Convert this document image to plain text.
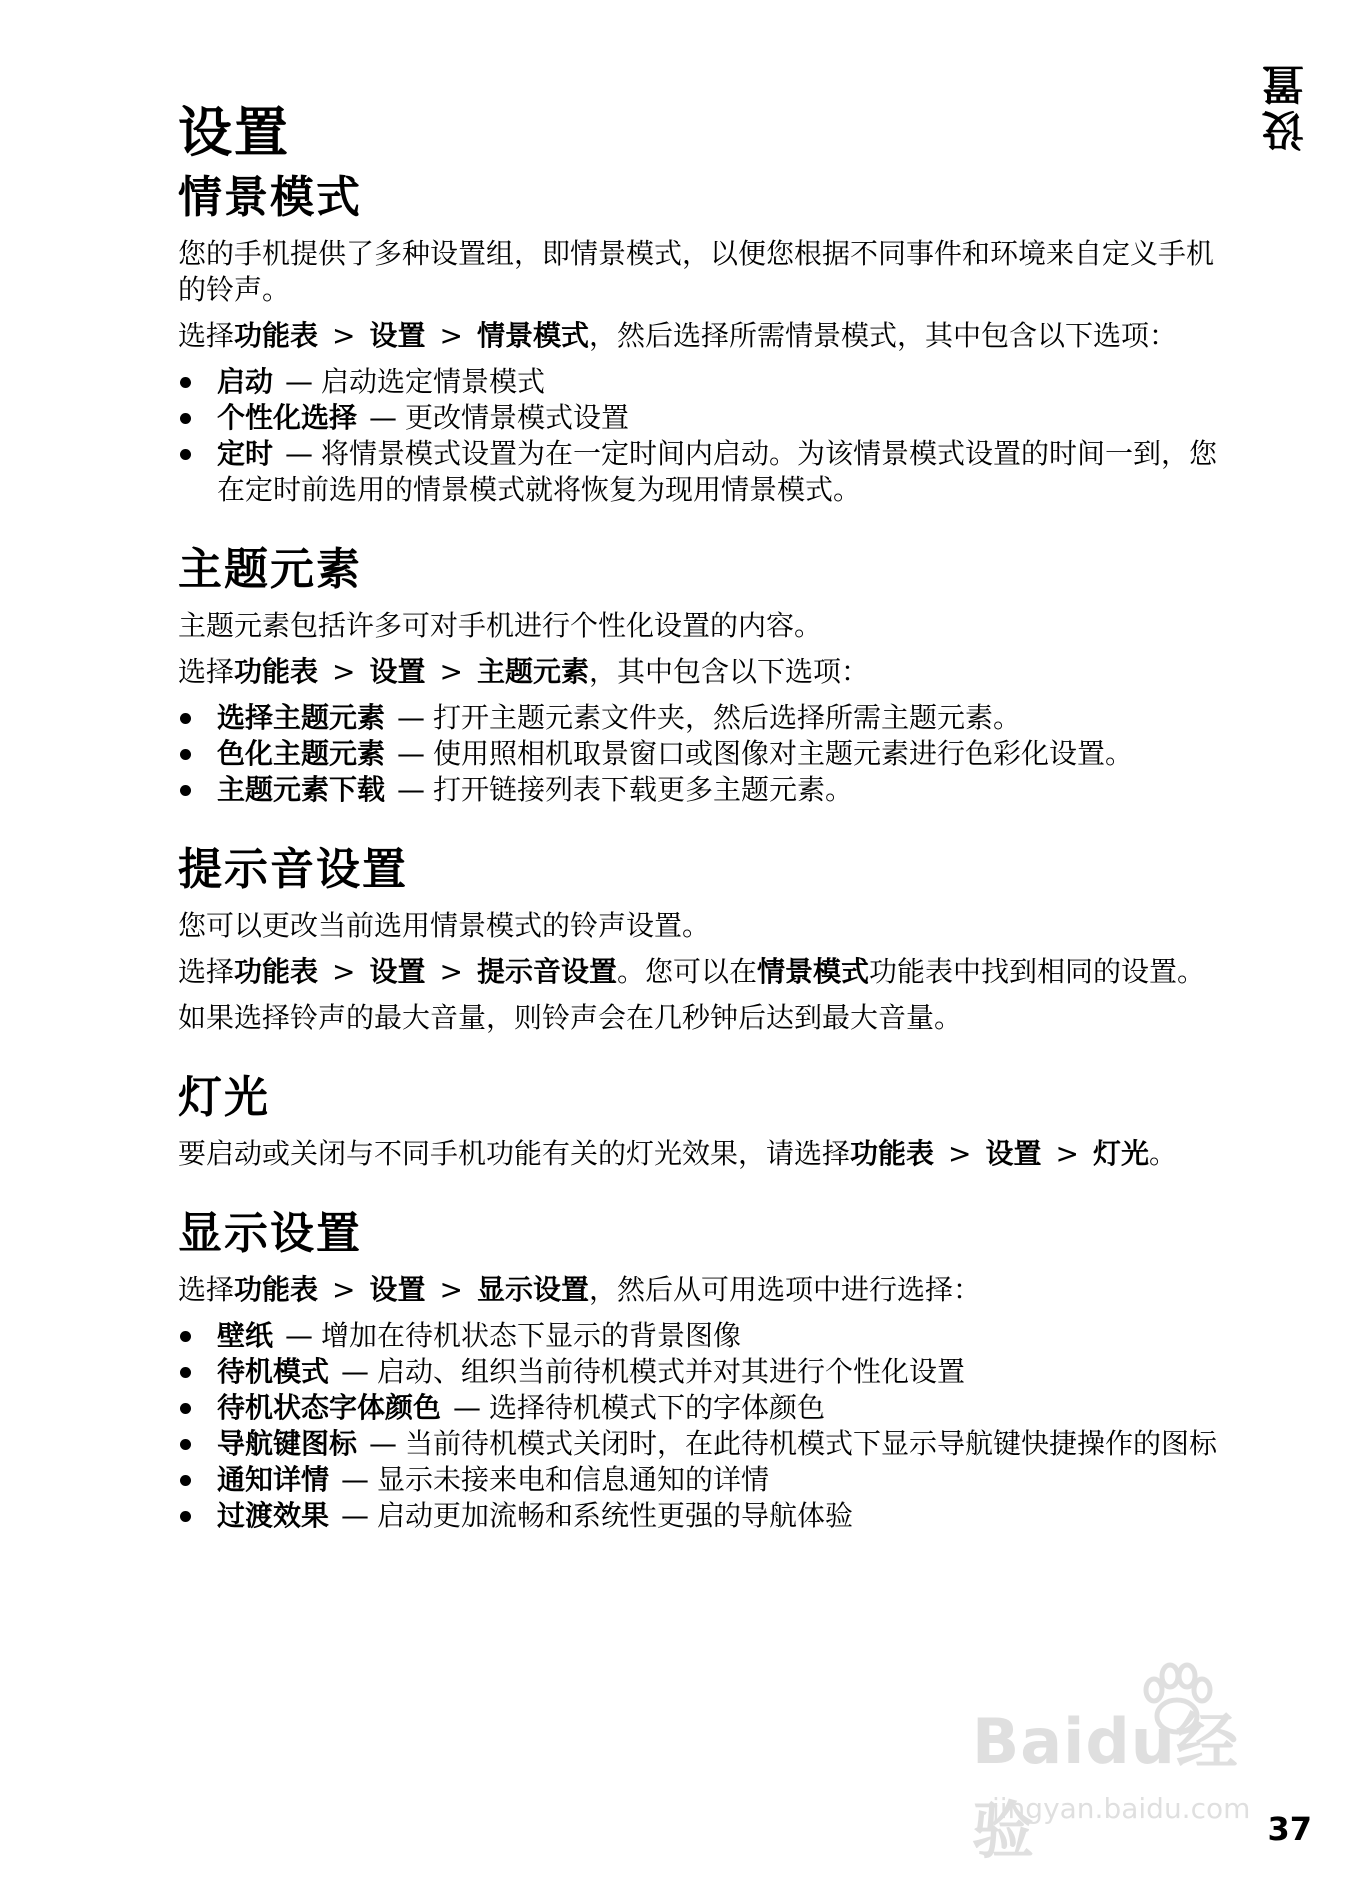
设置
设置
情景模式

您的手机提供了多种设置组，即情景模式，以便您根据不同事件和环境来自定义手机的铃声。

选择功能表 > 设置 > 情景模式，然后选择所需情景模式，其中包含以下选项：

启动 — 启动选定情景模式
个性化选择 — 更改情景模式设置
定时 — 将情景模式设置为在一定时间内启动。为该情景模式设置的时间一到，您在定时前选用的情景模式就将恢复为现用情景模式。
主题元素

主题元素包括许多可对手机进行个性化设置的内容。

选择功能表 > 设置 > 主题元素，其中包含以下选项：

选择主题元素 — 打开主题元素文件夹，然后选择所需主题元素。
色化主题元素 — 使用照相机取景窗口或图像对主题元素进行色彩化设置。
主题元素下载 — 打开链接列表下载更多主题元素。
提示音设置

您可以更改当前选用情景模式的铃声设置。

选择功能表 > 设置 > 提示音设置。您可以在情景模式功能表中找到相同的设置。

如果选择铃声的最大音量，则铃声会在几秒钟后达到最大音量。

灯光

要启动或关闭与不同手机功能有关的灯光效果，请选择功能表 > 设置 > 灯光。

显示设置

选择功能表 > 设置 > 显示设置，然后从可用选项中进行选择：

壁纸 — 增加在待机状态下显示的背景图像
待机模式 — 启动、组织当前待机模式并对其进行个性化设置
待机状态字体颜色 — 选择待机模式下的字体颜色
导航键图标 — 当前待机模式关闭时，在此待机模式下显示导航键快捷操作的图标
通知详情 — 显示未接来电和信息通知的详情
过渡效果 — 启动更加流畅和系统性更强的导航体验
Baidu经验
jingyan.baidu.com
37
